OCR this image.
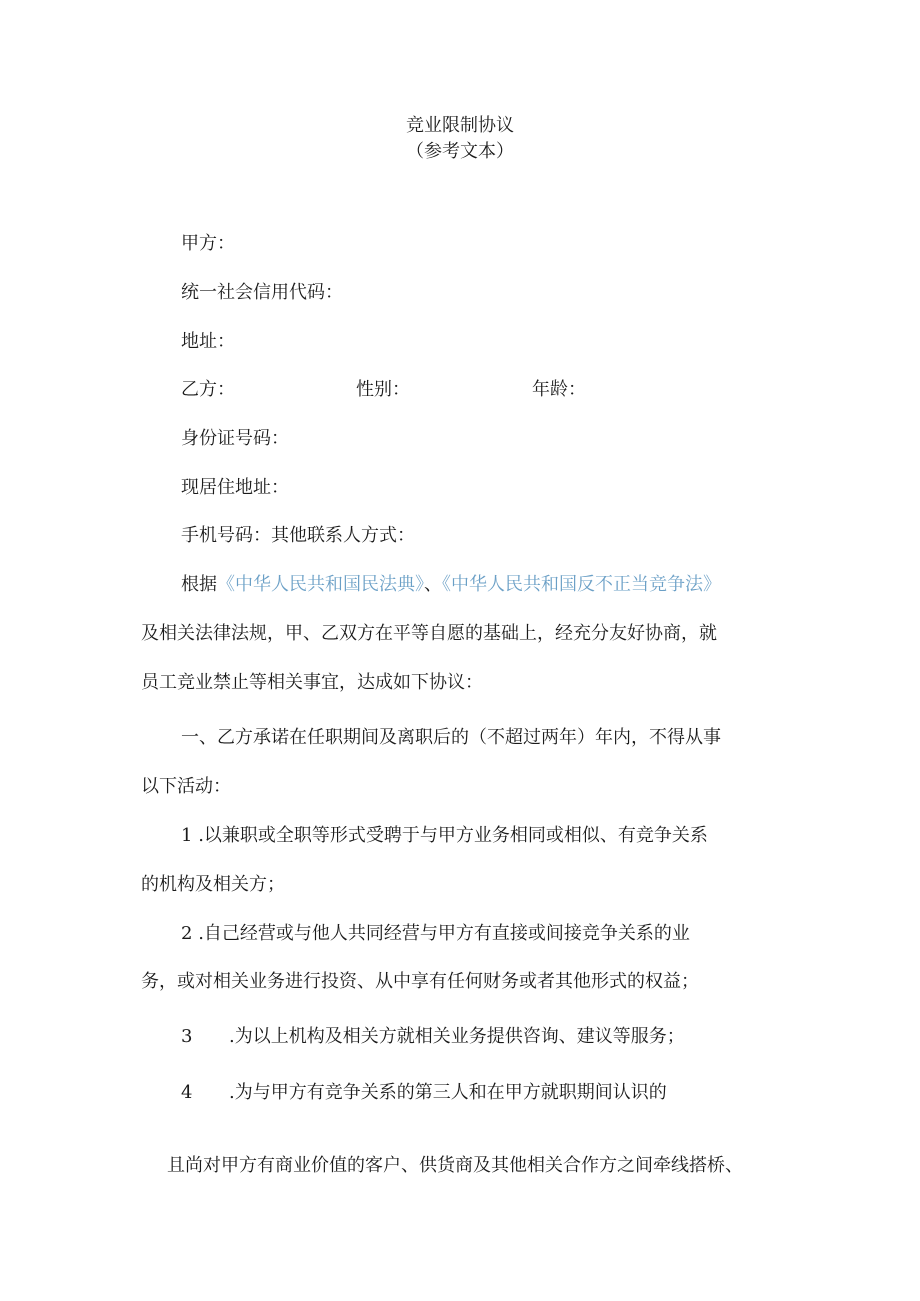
竞业限制协议
（参考文本）
甲方：
统一社会信用代码：
地址：
乙方：	性别：	年龄：
身份证号码：
现居住地址：
手机号码：其他联系人方式：
根据《中华人民共和国民法典》、《中华人民共和国反不正当竞争法》
及相关法律法规，甲、乙双方在平等自愿的基础上，经充分友好协商，就
员工竞业禁止等相关事宜，达成如下协议：
一、乙方承诺在任职期间及离职后的（不超过两年）年内，不得从事
以下活动：
1 .以兼职或全职等形式受聘于与甲方业务相同或相似、有竞争关系
的机构及相关方；
2 .自己经营或与他人共同经营与甲方有直接或间接竞争关系的业
务，或对相关业务进行投资、从中享有任何财务或者其他形式的权益；
3 .为以上机构及相关方就相关业务提供咨询、建议等服务；
4 .为与甲方有竞争关系的第三人和在甲方就职期间认识的
且尚对甲方有商业价值的客户、供货商及其他相关合作方之间牵线搭桥、
